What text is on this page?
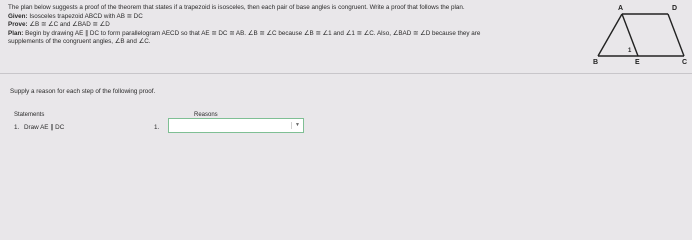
The plan below suggests a proof of the theorem that states if a trapezoid is isosceles, then each pair of base angles is congruent. Write a proof that follows the plan.
Given: Isosceles trapezoid ABCD with AB ≅ DC
Prove: ∠B ≅ ∠C and ∠BAD ≅ ∠D
Plan: Begin by drawing AE ∥ DC to form parallelogram AECD so that AE ≅ DC ≅ AB. ∠B ≅ ∠C because ∠B ≅ ∠1 and ∠1 ≅ ∠C. Also, ∠BAD ≅ ∠D because they are
supplements of the congruent angles, ∠B and ∠C.
A	D
B	E	C
1
Supply a reason for each step of the following proof.
Statements	Reasons
1. Draw AE ∥ DC	1.	▼
